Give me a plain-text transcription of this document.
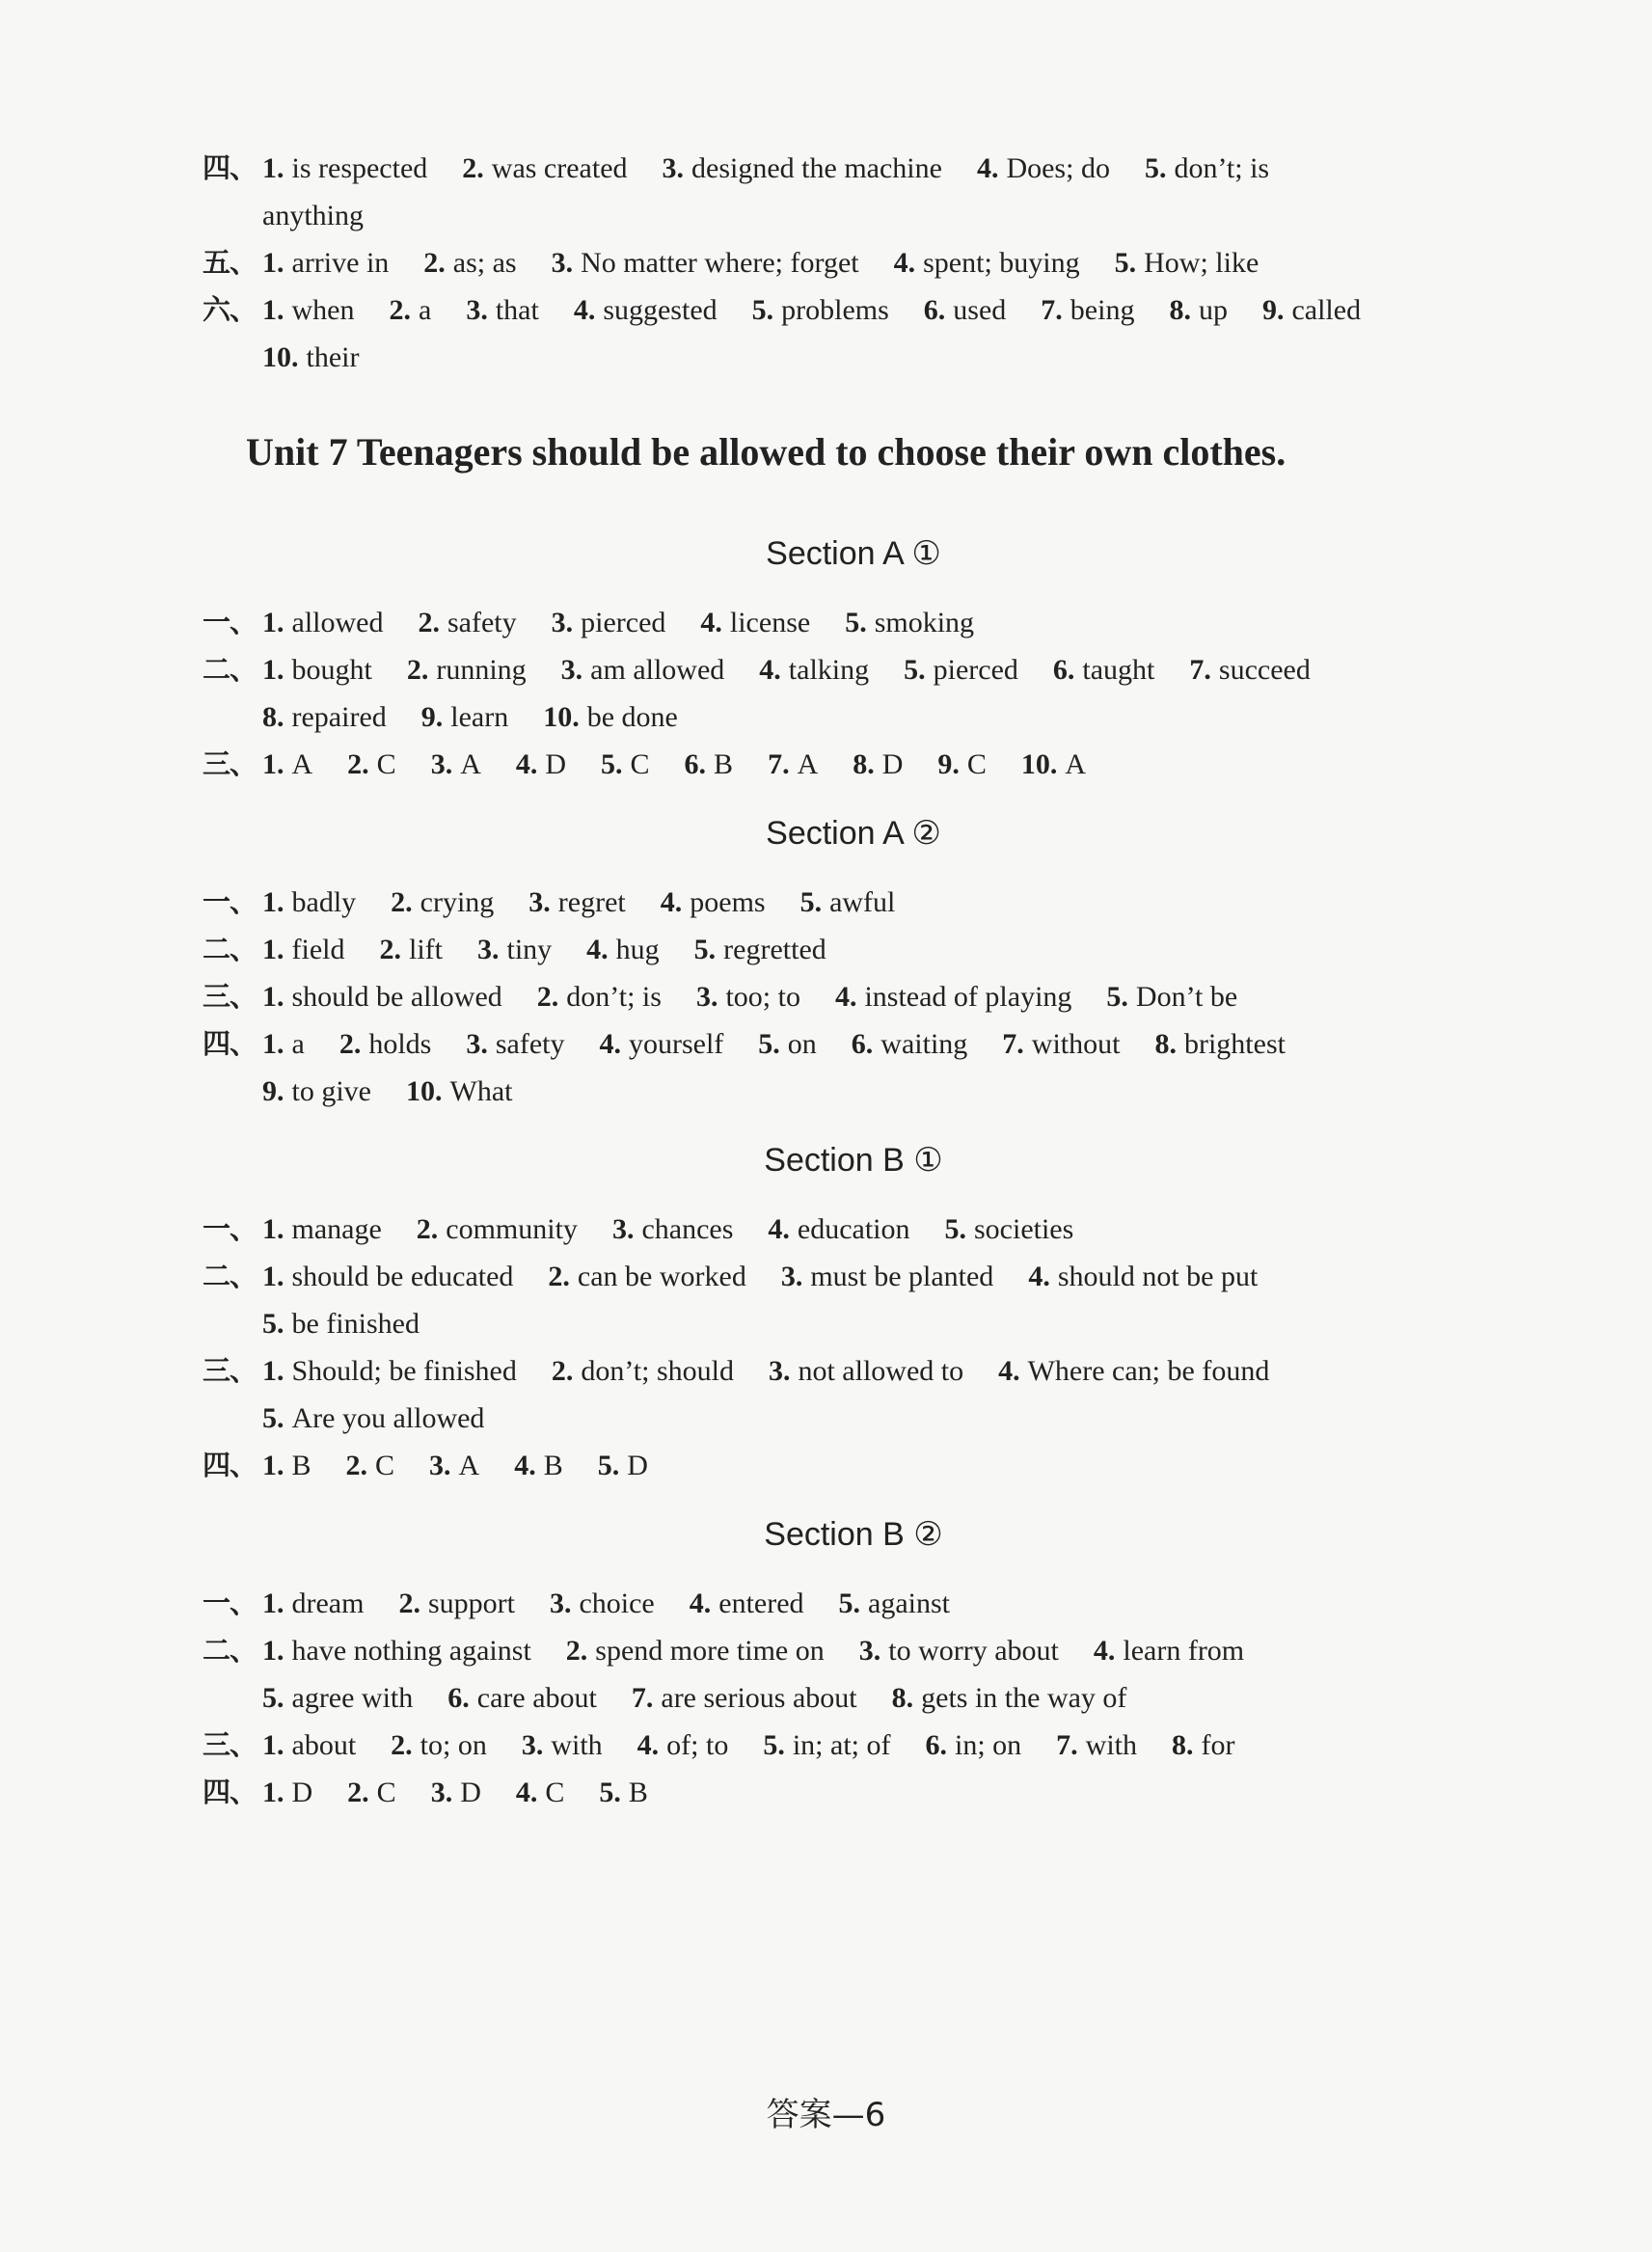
四、 1. is respected 2. was created 3. designed the machine 4. Does; do 5. don’t; is
anything
五、 1. arrive in 2. as; as 3. No matter where; forget 4. spent; buying 5. How; like
六、 1. when 2. a 3. that 4. suggested 5. problems 6. used 7. being 8. up 9. called
10. their
Unit 7 Teenagers should be allowed to choose their own clothes.
Section A ①
一、 1. allowed 2. safety 3. pierced 4. license 5. smoking
二、 1. bought 2. running 3. am allowed 4. talking 5. pierced 6. taught 7. succeed
8. repaired 9. learn 10. be done
三、 1. A 2. C 3. A 4. D 5. C 6. B 7. A 8. D 9. C 10. A
Section A ②
一、 1. badly 2. crying 3. regret 4. poems 5. awful
二、 1. field 2. lift 3. tiny 4. hug 5. regretted
三、 1. should be allowed 2. don’t; is 3. too; to 4. instead of playing 5. Don’t be
四、 1. a 2. holds 3. safety 4. yourself 5. on 6. waiting 7. without 8. brightest
9. to give 10. What
Section B ①
一、 1. manage 2. community 3. chances 4. education 5. societies
二、 1. should be educated 2. can be worked 3. must be planted 4. should not be put
5. be finished
三、 1. Should; be finished 2. don’t; should 3. not allowed to 4. Where can; be found
5. Are you allowed
四、 1. B 2. C 3. A 4. B 5. D
Section B ②
一、 1. dream 2. support 3. choice 4. entered 5. against
二、 1. have nothing against 2. spend more time on 3. to worry about 4. learn from
5. agree with 6. care about 7. are serious about 8. gets in the way of
三、 1. about 2. to; on 3. with 4. of; to 5. in; at; of 6. in; on 7. with 8. for
四、 1. D 2. C 3. D 4. C 5. B
答案—6
